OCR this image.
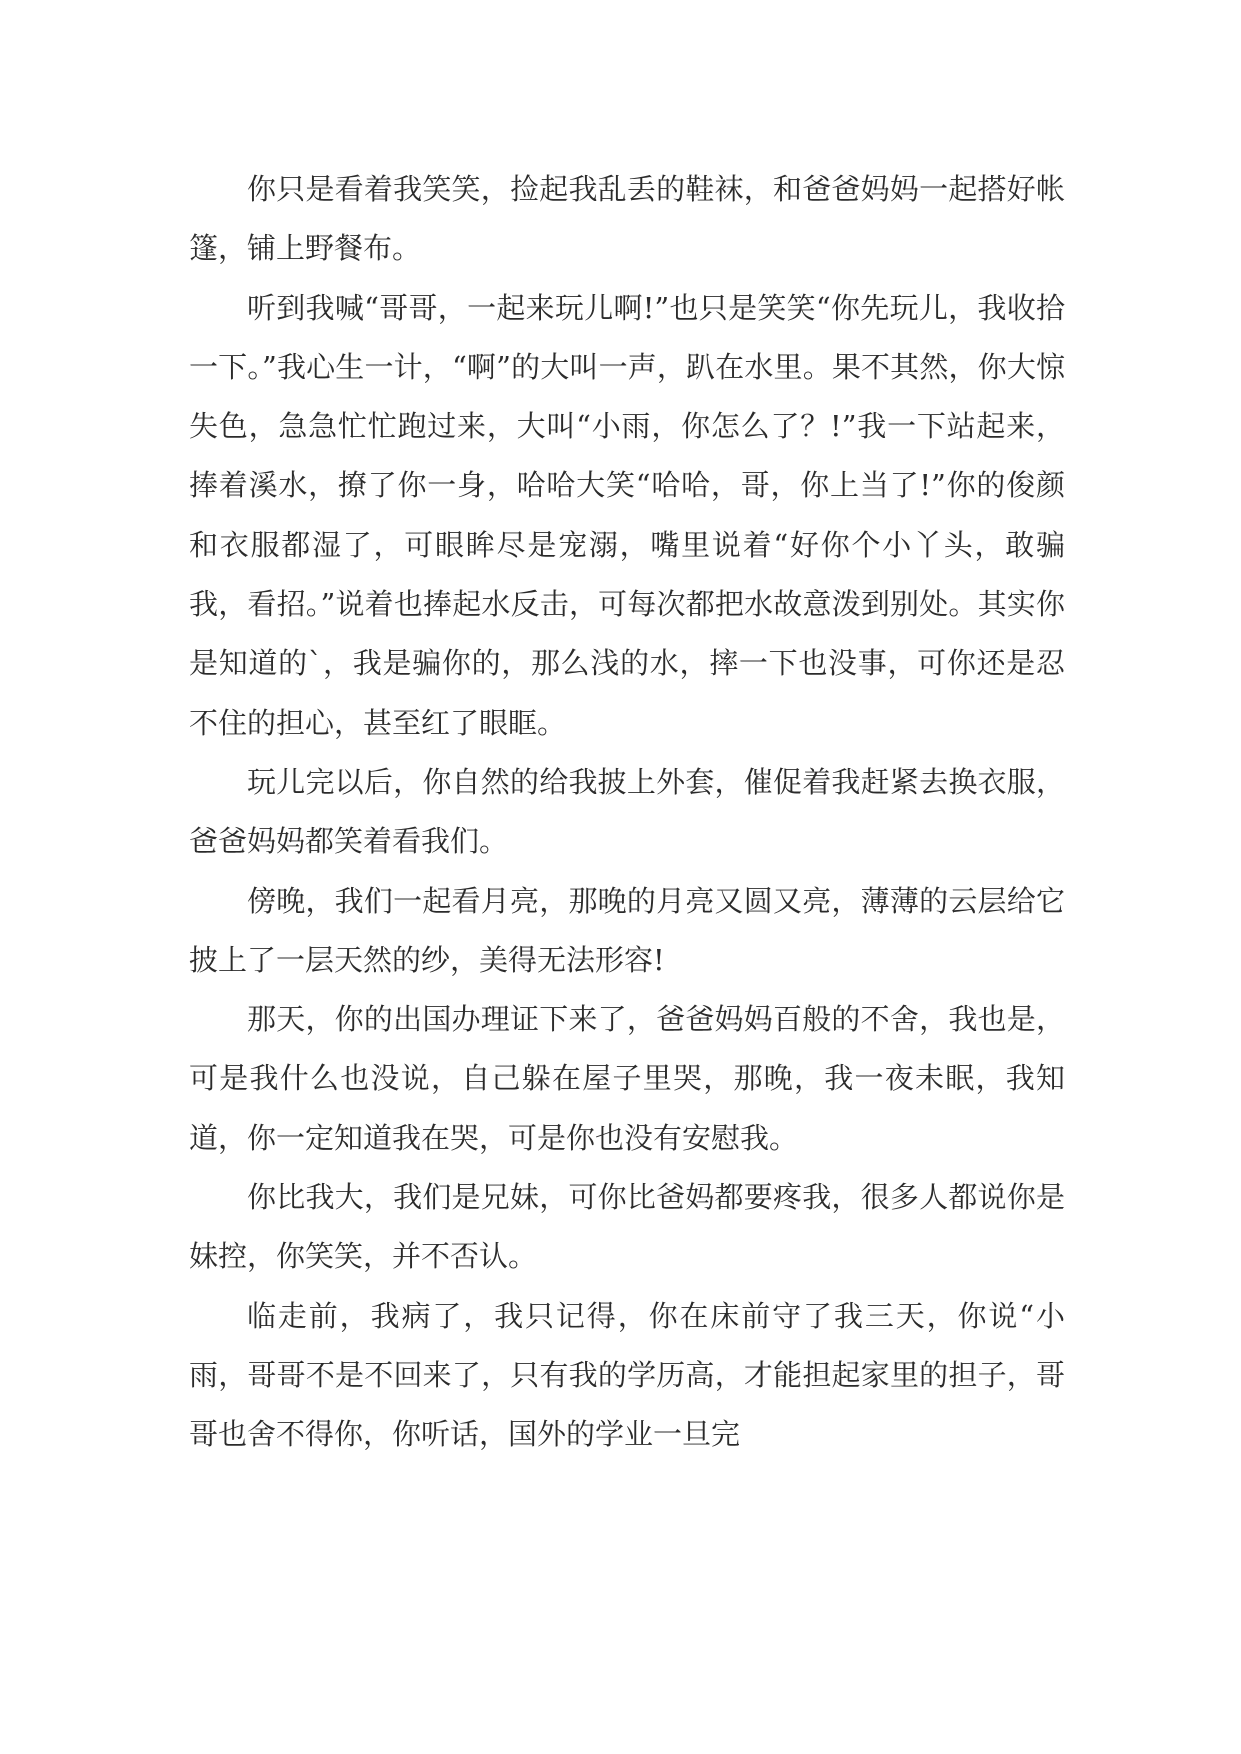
你只是看着我笑笑，捡起我乱丢的鞋袜，和爸爸妈妈一起搭好帐篷，铺上野餐布。

听到我喊“哥哥，一起来玩儿啊!”也只是笑笑“你先玩儿，我收拾一下。”我心生一计，“啊”的大叫一声，趴在水里。果不其然，你大惊失色，急急忙忙跑过来，大叫“小雨，你怎么了？!”我一下站起来，捧着溪水，撩了你一身，哈哈大笑“哈哈，哥，你上当了!”你的俊颜和衣服都湿了，可眼眸尽是宠溺，嘴里说着“好你个小丫头，敢骗我，看招。”说着也捧起水反击，可每次都把水故意泼到别处。其实你是知道的`，我是骗你的，那么浅的水，摔一下也没事，可你还是忍不住的担心，甚至红了眼眶。

玩儿完以后，你自然的给我披上外套，催促着我赶紧去换衣服，爸爸妈妈都笑着看我们。

傍晚，我们一起看月亮，那晚的月亮又圆又亮，薄薄的云层给它披上了一层天然的纱，美得无法形容!

那天，你的出国办理证下来了，爸爸妈妈百般的不舍，我也是，可是我什么也没说，自己躲在屋子里哭，那晚，我一夜未眠，我知道，你一定知道我在哭，可是你也没有安慰我。

你比我大，我们是兄妹，可你比爸妈都要疼我，很多人都说你是妹控，你笑笑，并不否认。

临走前，我病了，我只记得，你在床前守了我三天，你说“小雨，哥哥不是不回来了，只有我的学历高，才能担起家里的担子，哥哥也舍不得你，你听话，国外的学业一旦完
